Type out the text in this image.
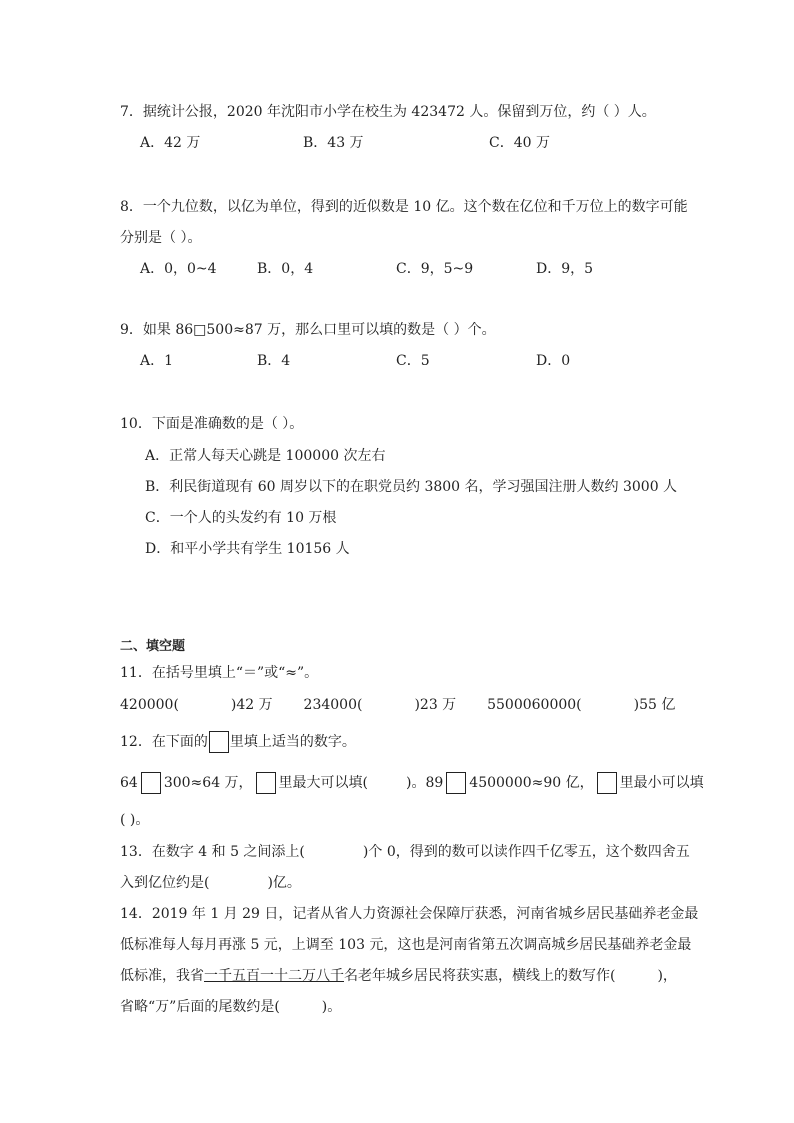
7．据统计公报，2020 年沈阳市小学在校生为 423472 人。保留到万位，约（ ）人。
A．42 万	B．43 万	C．40 万
8．一个九位数，以亿为单位，得到的近似数是 10 亿。这个数在亿位和千万位上的数字可能
分别是（ ）。
A．0，0~4	B．0，4	C．9，5~9	D．9，5
9．如果 86□500≈87 万，那么口里可以填的数是（ ）个。
A．1	B．4	C．5	D．0
10．下面是准确数的是（ ）。
A．正常人每天心跳是 100000 次左右
B．利民街道现有 60 周岁以下的在职党员约 3800 名，学习强国注册人数约 3000 人
C．一个人的头发约有 10 万根
D．和平小学共有学生 10156 人
二、填空题
11．在括号里填上“＝”或“≈”。
420000(	)42 万 234000(	)23 万 5500060000(	)55 亿
12．在下面的 里填上适当的数字。
64 300≈64 万， 里最大可以填(	)。89 4500000≈90 亿， 里最小可以填
( )。
13．在数字 4 和 5 之间添上(	)个 0，得到的数可以读作四千亿零五，这个数四舍五
入到亿位约是(	)亿。
14．2019 年 1 月 29 日，记者从省人力资源社会保障厅获悉，河南省城乡居民基础养老金最
低标准每人每月再涨 5 元，上调至 103 元，这也是河南省第五次调高城乡居民基础养老金最
低标准，我省一千五百一十二万八千名老年城乡居民将获实惠，横线上的数写作(	)，
省略“万”后面的尾数约是(	)。
